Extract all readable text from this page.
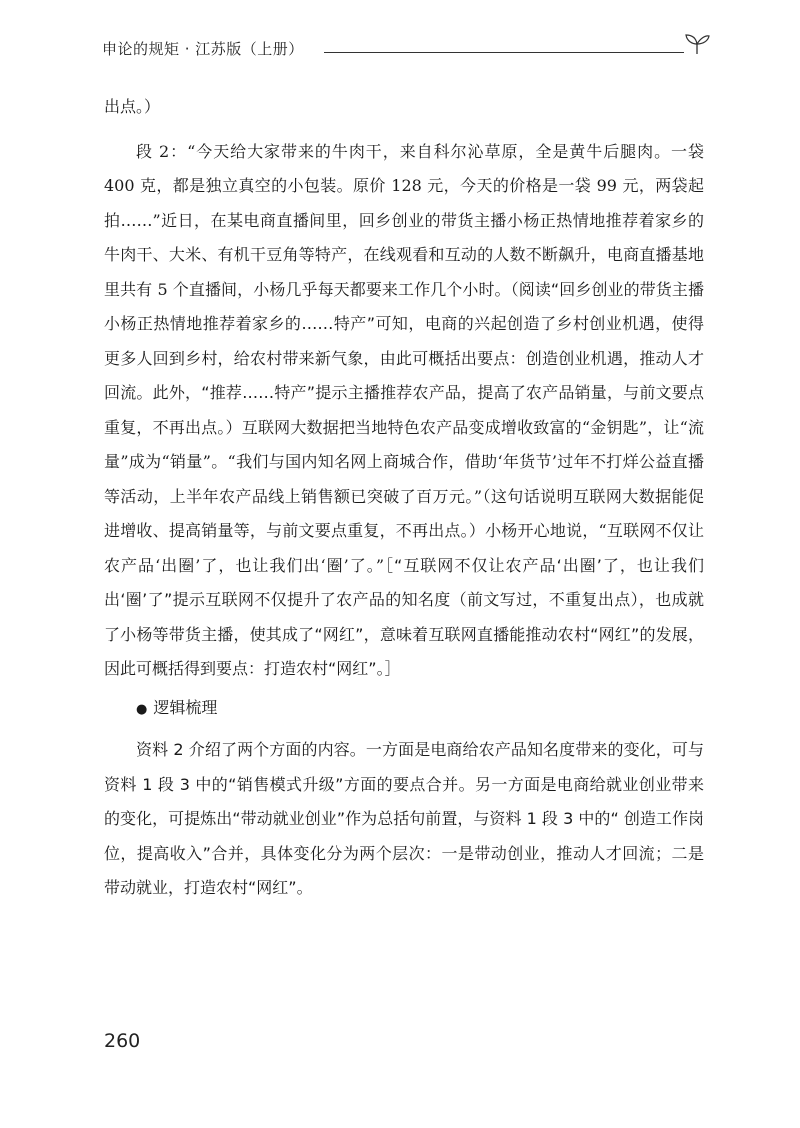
申论的规矩 · 江苏版（上册）

出点。）

段 2：“今天给大家带来的牛肉干，来自科尔沁草原，全是黄牛后腿肉。一袋 400 克，都是独立真空的小包装。原价 128 元，今天的价格是一袋 99 元，两袋起拍……”近日，在某电商直播间里，回乡创业的带货主播小杨正热情地推荐着家乡的牛肉干、大米、有机干豆角等特产，在线观看和互动的人数不断飙升，电商直播基地里共有 5 个直播间，小杨几乎每天都要来工作几个小时。（阅读“回乡创业的带货主播小杨正热情地推荐着家乡的……特产”可知，电商的兴起创造了乡村创业机遇，使得更多人回到乡村，给农村带来新气象，由此可概括出要点：创造创业机遇，推动人才回流。此外，“推荐……特产”提示主播推荐农产品，提高了农产品销量，与前文要点重复，不再出点。）互联网大数据把当地特色农产品变成增收致富的“金钥匙”，让“流量”成为“销量”。“我们与国内知名网上商城合作，借助‘年货节’过年不打烊公益直播等活动，上半年农产品线上销售额已突破了百万元。”（这句话说明互联网大数据能促进增收、提高销量等，与前文要点重复，不再出点。）小杨开心地说，“互联网不仅让农产品‘出圈’了，也让我们出‘圈’了。”［“互联网不仅让农产品‘出圈’了，也让我们出‘圈’了”提示互联网不仅提升了农产品的知名度（前文写过，不重复出点），也成就了小杨等带货主播，使其成了“网红”，意味着互联网直播能推动农村“网红”的发展，因此可概括得到要点：打造农村“网红”。］

● 逻辑梳理

资料 2 介绍了两个方面的内容。一方面是电商给农产品知名度带来的变化，可与资料 1 段 3 中的“销售模式升级”方面的要点合并。另一方面是电商给就业创业带来的变化，可提炼出“带动就业创业”作为总括句前置，与资料 1 段 3 中的“ 创造工作岗位，提高收入”合并，具体变化分为两个层次：一是带动创业，推动人才回流；二是带动就业，打造农村“网红”。

260
